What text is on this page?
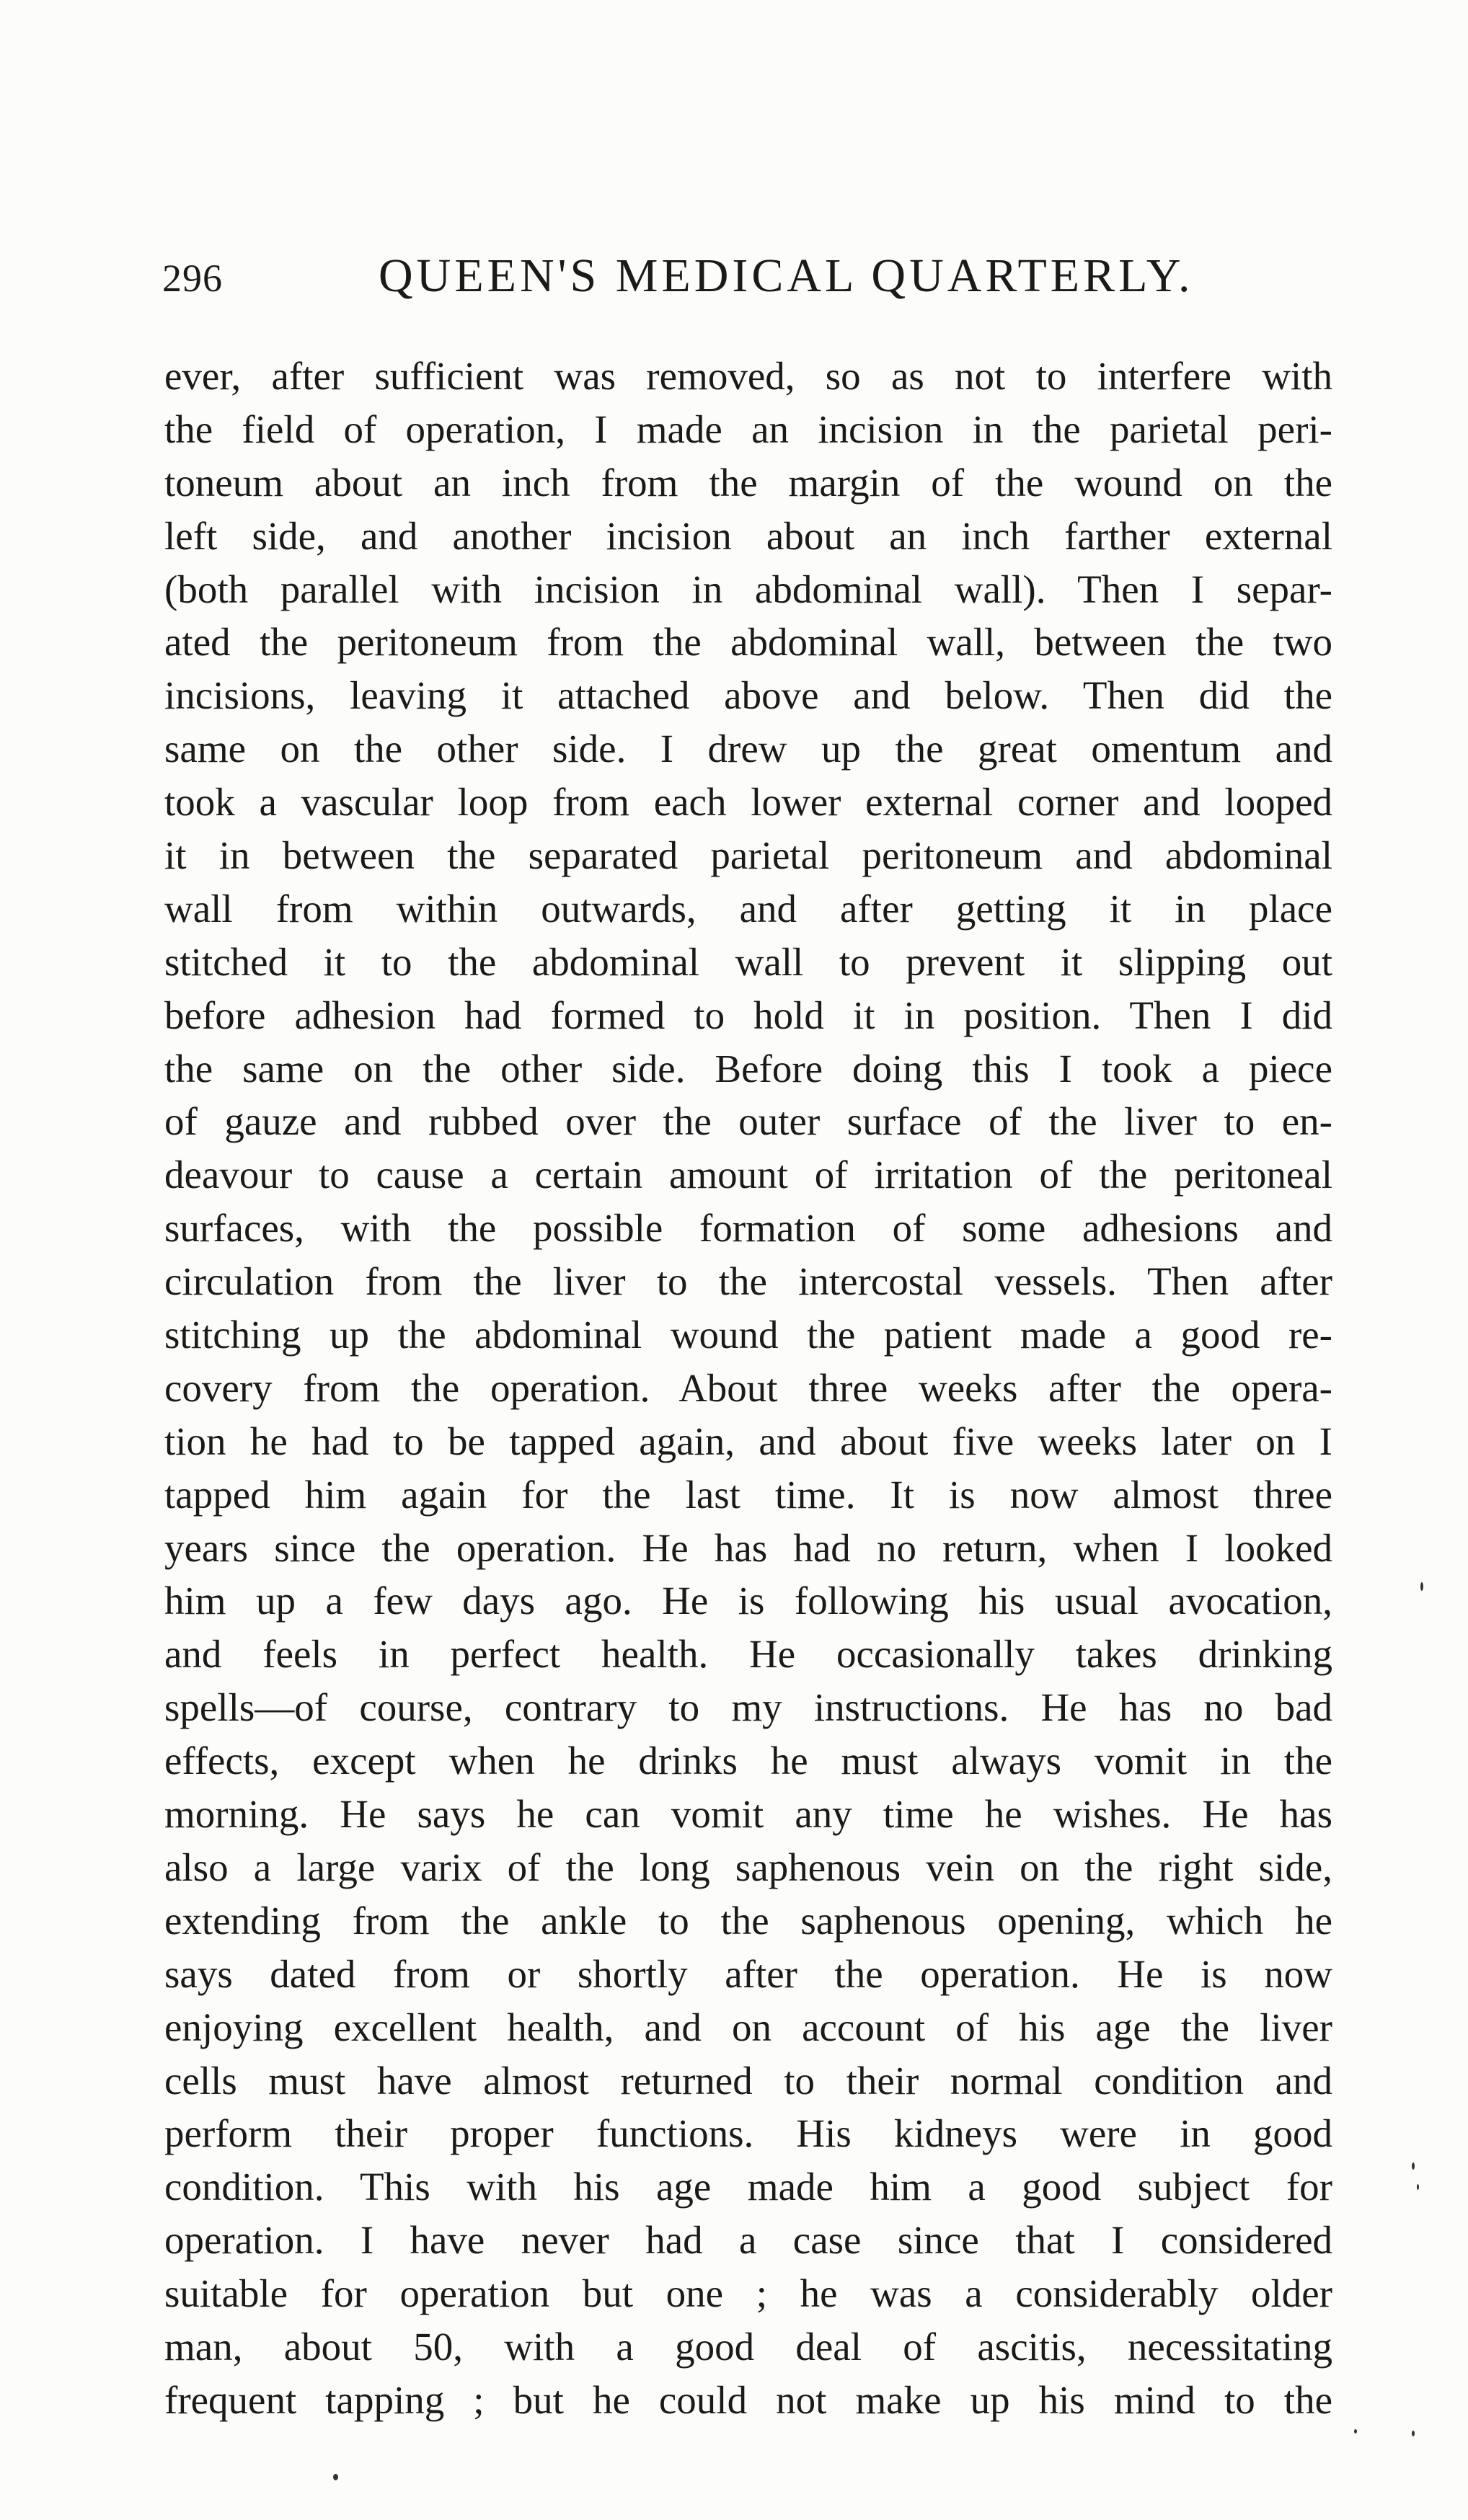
296	QUEEN'S MEDICAL QUARTERLY.
ever, after sufficient was removed, so as not to interfere with
the field of operation, I made an incision in the parietal peri-
toneum about an inch from the margin of the wound on the
left side, and another incision about an inch farther external
(both parallel with incision in abdominal wall). Then I separ-
ated the peritoneum from the abdominal wall, between the two
incisions, leaving it attached above and below. Then did the
same on the other side. I drew up the great omentum and
took a vascular loop from each lower external corner and looped
it in between the separated parietal peritoneum and abdominal
wall from within outwards, and after getting it in place
stitched it to the abdominal wall to prevent it slipping out
before adhesion had formed to hold it in position. Then I did
the same on the other side. Before doing this I took a piece
of gauze and rubbed over the outer surface of the liver to en-
deavour to cause a certain amount of irritation of the peritoneal
surfaces, with the possible formation of some adhesions and
circulation from the liver to the intercostal vessels. Then after
stitching up the abdominal wound the patient made a good re-
covery from the operation. About three weeks after the opera-
tion he had to be tapped again, and about five weeks later on I
tapped him again for the last time. It is now almost three
years since the operation. He has had no return, when I looked
him up a few days ago. He is following his usual avocation,
and feels in perfect health. He occasionally takes drinking
spells—of course, contrary to my instructions. He has no bad
effects, except when he drinks he must always vomit in the
morning. He says he can vomit any time he wishes. He has
also a large varix of the long saphenous vein on the right side,
extending from the ankle to the saphenous opening, which he
says dated from or shortly after the operation. He is now
enjoying excellent health, and on account of his age the liver
cells must have almost returned to their normal condition and
perform their proper functions. His kidneys were in good
condition. This with his age made him a good subject for
operation. I have never had a case since that I considered
suitable for operation but one ; he was a considerably older
man, about 50, with a good deal of ascitis, necessitating
frequent tapping ; but he could not make up his mind to the
